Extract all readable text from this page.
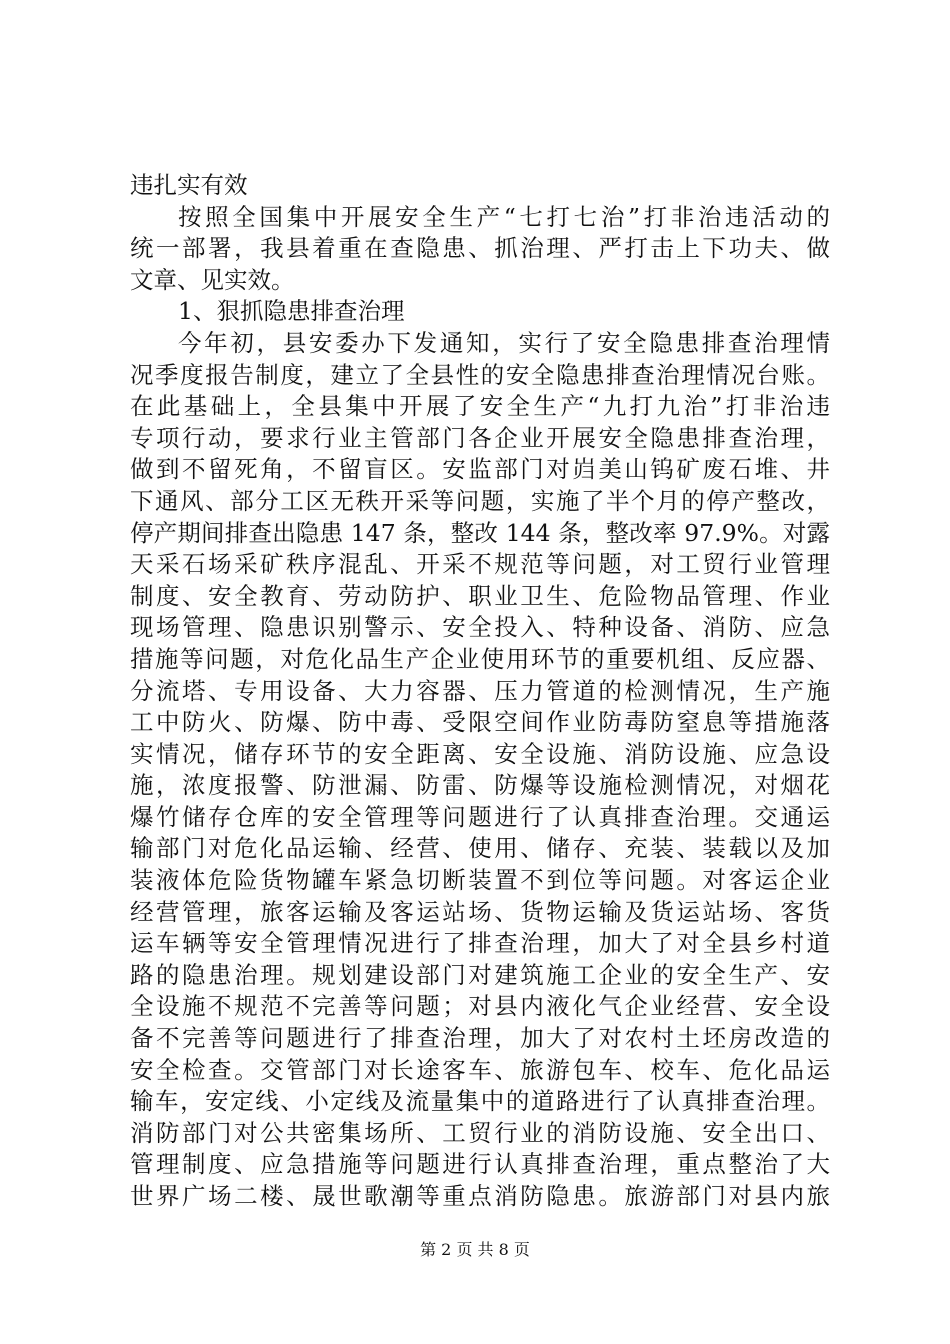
违扎实有效
按照全国集中开展安全生产“七打七治”打非治违活动的
统一部署，我县着重在查隐患、抓治理、严打击上下功夫、做
文章、见实效。
1、狠抓隐患排查治理
今年初，县安委办下发通知，实行了安全隐患排查治理情
况季度报告制度，建立了全县性的安全隐患排查治理情况台账。
在此基础上，全县集中开展了安全生产“九打九治”打非治违
专项行动，要求行业主管部门各企业开展安全隐患排查治理，
做到不留死角，不留盲区。安监部门对岿美山钨矿废石堆、井
下通风、部分工区无秩开采等问题，实施了半个月的停产整改，
停产期间排查出隐患 147 条，整改 144 条，整改率 97.9%。对露
天采石场采矿秩序混乱、开采不规范等问题，对工贸行业管理
制度、安全教育、劳动防护、职业卫生、危险物品管理、作业
现场管理、隐患识别警示、安全投入、特种设备、消防、应急
措施等问题，对危化品生产企业使用环节的重要机组、反应器、
分流塔、专用设备、大力容器、压力管道的检测情况，生产施
工中防火、防爆、防中毒、受限空间作业防毒防窒息等措施落
实情况，储存环节的安全距离、安全设施、消防设施、应急设
施，浓度报警、防泄漏、防雷、防爆等设施检测情况，对烟花
爆竹储存仓库的安全管理等问题进行了认真排查治理。交通运
输部门对危化品运输、经营、使用、储存、充装、装载以及加
装液体危险货物罐车紧急切断装置不到位等问题。对客运企业
经营管理，旅客运输及客运站场、货物运输及货运站场、客货
运车辆等安全管理情况进行了排查治理，加大了对全县乡村道
路的隐患治理。规划建设部门对建筑施工企业的安全生产、安
全设施不规范不完善等问题；对县内液化气企业经营、安全设
备不完善等问题进行了排查治理，加大了对农村土坯房改造的
安全检查。交管部门对长途客车、旅游包车、校车、危化品运
输车，安定线、小定线及流量集中的道路进行了认真排查治理。
消防部门对公共密集场所、工贸行业的消防设施、安全出口、
管理制度、应急措施等问题进行认真排查治理，重点整治了大
世界广场二楼、晟世歌潮等重点消防隐患。旅游部门对县内旅
第 2 页 共 8 页
